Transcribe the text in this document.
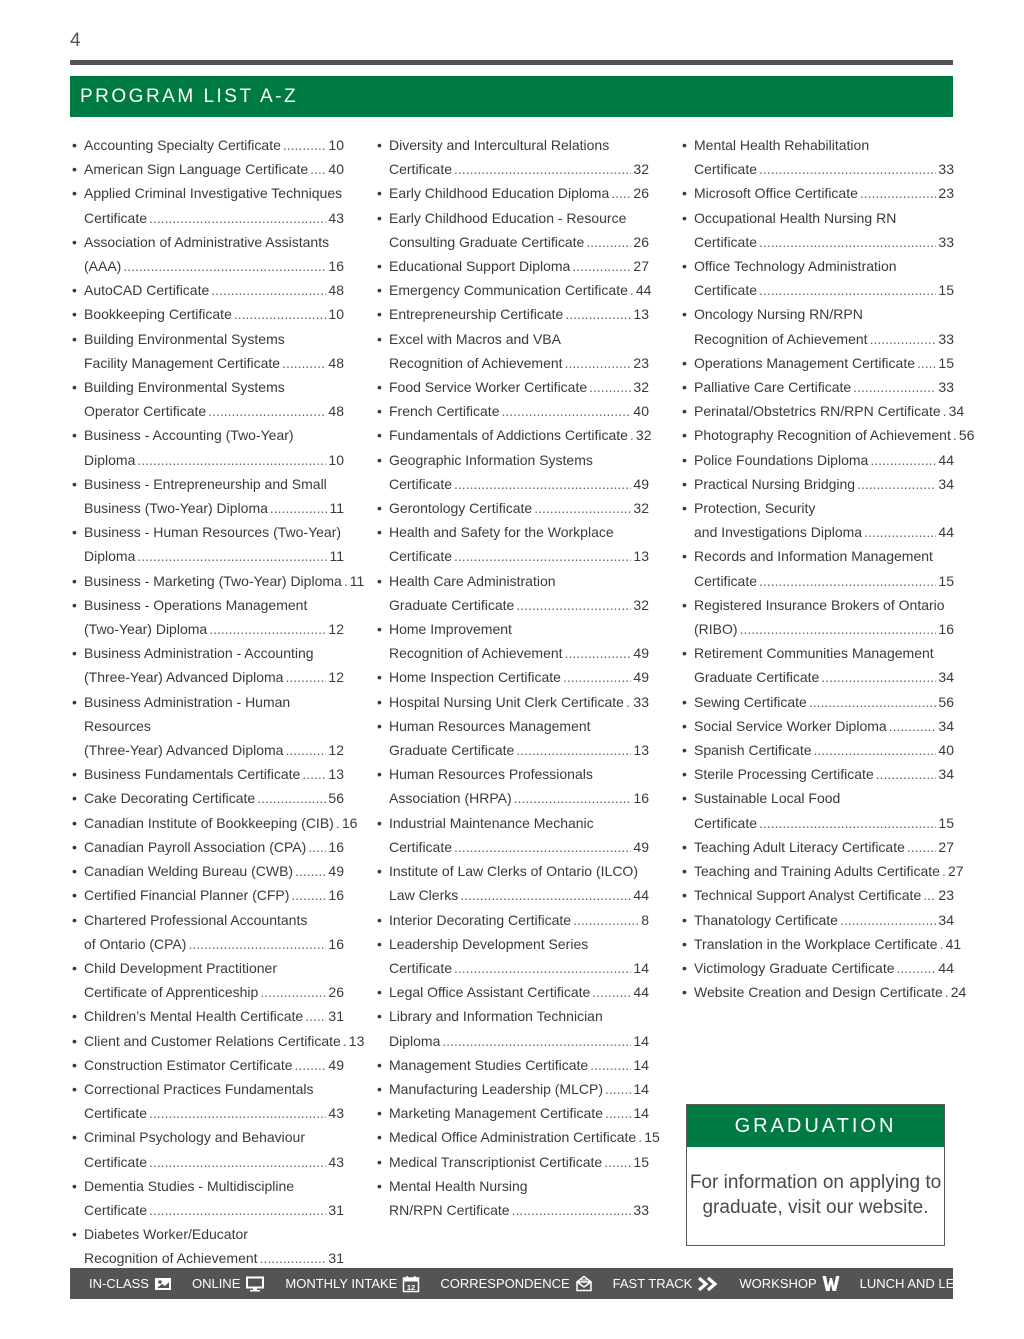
4
PROGRAM LIST A-Z
• Accounting Specialty Certificate .....	10
• American Sign Language Certificate ..... 40
• Applied Criminal Investigative Techniques
Certificate .....	43
• Association of Administrative Assistants
(AAA) .....	16
• AutoCAD Certificate .....	48
• Bookkeeping Certificate .....	10
• Building Environmental Systems
Facility Management Certificate .....	48
• Building Environmental Systems
Operator Certificate .....	48
• Business - Accounting (Two-Year)
Diploma .....	10
• Business - Entrepreneurship and Small
Business (Two-Year) Diploma .....	11
• Business - Human Resources (Two-Year)
Diploma .....	11
• Business - Marketing (Two-Year) Diploma ..... 11
• Business - Operations Management
(Two-Year) Diploma .....	12
• Business Administration - Accounting
(Three-Year) Advanced Diploma .....	12
• Business Administration - Human Resources
(Three-Year) Advanced Diploma .....	12
• Business Fundamentals Certificate ..... 13
• Cake Decorating Certificate .....	56
• Canadian Institute of Bookkeeping (CIB) ..... 16
• Canadian Payroll Association (CPA) ..... 16
• Canadian Welding Bureau (CWB) .....	49
• Certified Financial Planner (CFP) .....	16
• Chartered Professional Accountants
of Ontario (CPA) .....	16
• Child Development Practitioner
Certificate of Apprenticeship .....	26
• Children’s Mental Health Certificate ..... 31
• Client and Customer Relations Certificate ..... 13
• Construction Estimator Certificate .....	49
• Correctional Practices Fundamentals
Certificate .....	43
• Criminal Psychology and Behaviour
Certificate .....	43
• Dementia Studies - Multidiscipline
Certificate .....	31
• Diabetes Worker/Educator
Recognition of Achievement .....	31
• Diversity and Intercultural Relations
Certificate .....	32
• Early Childhood Education Diploma ..... 26
• Early Childhood Education - Resource
Consulting Graduate Certificate .....	26
• Educational Support Diploma .....	27
• Emergency Communication Certificate ..... 44
• Entrepreneurship Certificate .....	13
• Excel with Macros and VBA
Recognition of Achievement .....	23
• Food Service Worker Certificate .....	32
• French Certificate .....	40
• Fundamentals of Addictions Certificate ..... 32
• Geographic Information Systems
Certificate .....	49
• Gerontology Certificate .....	32
• Health and Safety for the Workplace
Certificate .....	13
• Health Care Administration
Graduate Certificate .....	32
• Home Improvement
Recognition of Achievement .....	49
• Home Inspection Certificate .....	49
• Hospital Nursing Unit Clerk Certificate ..... 33
• Human Resources Management
Graduate Certificate .....	13
• Human Resources Professionals
Association (HRPA) .....	16
• Industrial Maintenance Mechanic
Certificate .....	49
• Institute of Law Clerks of Ontario (ILCO)
Law Clerks .....	44
• Interior Decorating Certificate .....	8
• Leadership Development Series
Certificate .....	14
• Legal Office Assistant Certificate .....	44
• Library and Information Technician
Diploma .....	14
• Management Studies Certificate .....	14
• Manufacturing Leadership (MLCP) ..... 14
• Marketing Management Certificate ..... 14
• Medical Office Administration Certificate ..... 15
• Medical Transcriptionist Certificate ..... 15
• Mental Health Nursing
RN/RPN Certificate .....	33
• Mental Health Rehabilitation
Certificate .....	33
• Microsoft Office Certificate .....	23
• Occupational Health Nursing RN
Certificate .....	33
• Office Technology Administration
Certificate .....	15
• Oncology Nursing RN/RPN
Recognition of Achievement .....	33
• Operations Management Certificate ..... 15
• Palliative Care Certificate .....	33
• Perinatal/Obstetrics RN/RPN Certificate ..... 34
• Photography Recognition of Achievement ..... 56
• Police Foundations Diploma .....	44
• Practical Nursing Bridging .....	34
• Protection, Security
and Investigations Diploma .....	44
• Records and Information Management
Certificate .....	15
• Registered Insurance Brokers of Ontario
(RIBO) .....	16
• Retirement Communities Management
Graduate Certificate .....	34
• Sewing Certificate .....	56
• Social Service Worker Diploma .....	34
• Spanish Certificate .....	40
• Sterile Processing Certificate .....	34
• Sustainable Local Food
Certificate .....	15
• Teaching Adult Literacy Certificate ..... 27
• Teaching and Training Adults Certificate ..... 27
• Technical Support Analyst Certificate ..... 23
• Thanatology Certificate .....	34
• Translation in the Workplace Certificate ..... 41
• Victimology Graduate Certificate .....	44
• Website Creation and Design Certificate ..... 24
GRADUATION
For information on applying to
graduate, visit our website.
IN-CLASS	ONLINE	MONTHLY INTAKE 12 CORRESPONDENCE	FAST TRACK	WORKSHOP	LUNCH AND LEARN
